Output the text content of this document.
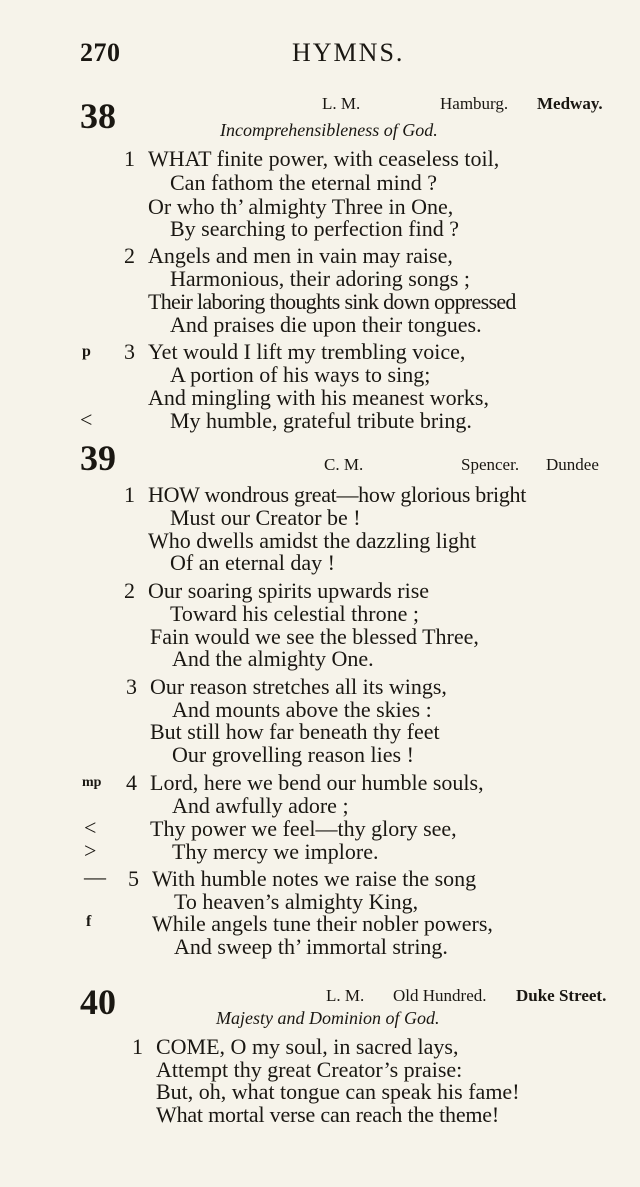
270	HYMNS.
38	L. M.	Hamburg. Medway.
Incomprehensibleness of God.
1 WHAT finite power, with ceaseless toil,
Can fathom the eternal mind ?
Or who th’ almighty Three in One,
By searching to perfection find ?
2 Angels and men in vain may raise,
Harmonious, their adoring songs ;
Their laboring thoughts sink down oppressed
And praises die upon their tongues.
p 3 Yet would I lift my trembling voice,
A portion of his ways to sing;
And mingling with his meanest works,
<	My humble, grateful tribute bring.
39	C. M.	Spencer. Dundee
1 HOW wondrous great—how glorious bright
Must our Creator be !
Who dwells amidst the dazzling light
Of an eternal day !
2 Our soaring spirits upwards rise
Toward his celestial throne ;
Fain would we see the blessed Three,
And the almighty One.
3 Our reason stretches all its wings,
And mounts above the skies :
But still how far beneath thy feet
Our grovelling reason lies !
mp 4 Lord, here we bend our humble souls,
And awfully adore ;
< Thy power we feel—thy glory see,
>	Thy mercy we implore.
— 5 With humble notes we raise the song
To heaven’s almighty King,
f	While angels tune their nobler powers,
And sweep th’ immortal string.
40	L. M. Old Hundred. Duke Street.
Majesty and Dominion of God.
1 COME, O my soul, in sacred lays,
Attempt thy great Creator’s praise:
But, oh, what tongue can speak his fame!
What mortal verse can reach the theme!
